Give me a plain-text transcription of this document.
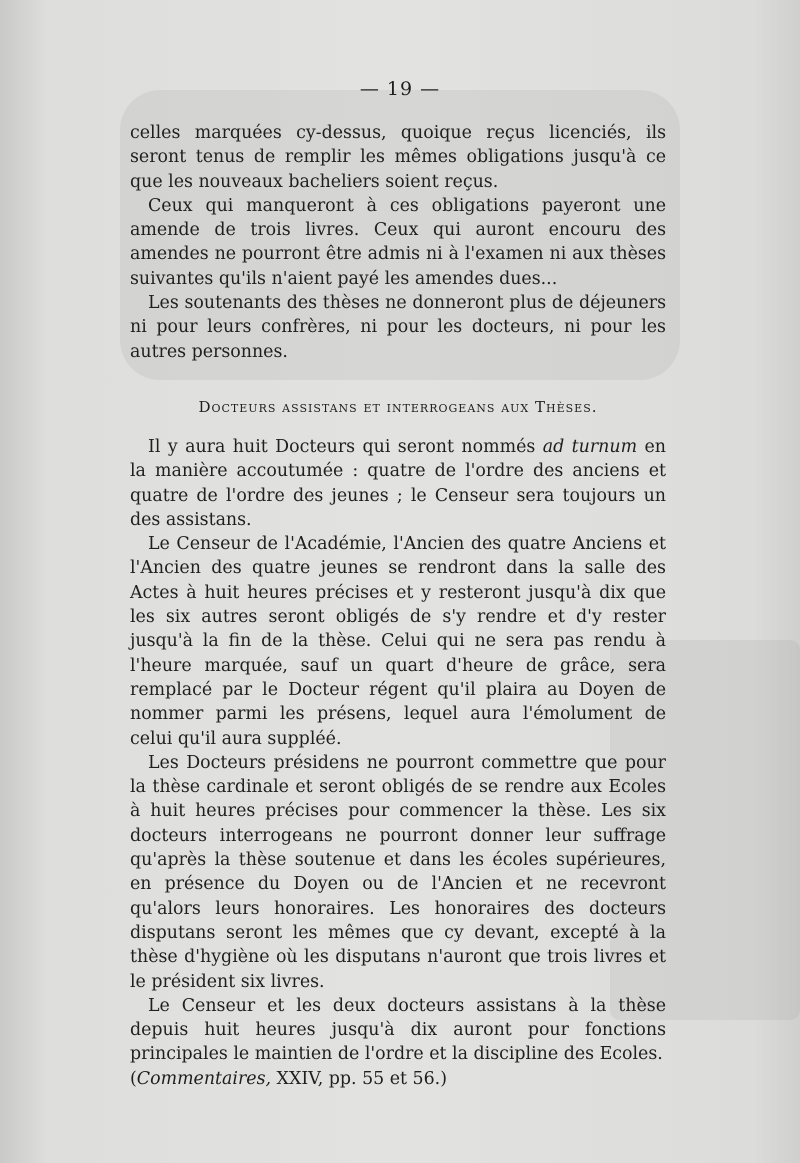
— 19 —

celles marquées cy-dessus, quoique reçus licenciés, ils seront tenus de remplir les mêmes obligations jusqu'à ce que les nouveaux bacheliers soient reçus.

Ceux qui manqueront à ces obligations payeront une amende de trois livres. Ceux qui auront encouru des amendes ne pourront être admis ni à l'examen ni aux thèses suivantes qu'ils n'aient payé les amendes dues...

Les soutenants des thèses ne donneront plus de déjeuners ni pour leurs confrères, ni pour les docteurs, ni pour les autres personnes.

Docteurs assistans et interrogeans aux Thèses.

Il y aura huit Docteurs qui seront nommés ad turnum en la manière accoutumée : quatre de l'ordre des anciens et quatre de l'ordre des jeunes ; le Censeur sera toujours un des assistans.

Le Censeur de l'Académie, l'Ancien des quatre Anciens et l'Ancien des quatre jeunes se rendront dans la salle des Actes à huit heures précises et y resteront jusqu'à dix que les six autres seront obligés de s'y rendre et d'y rester jusqu'à la fin de la thèse. Celui qui ne sera pas rendu à l'heure marquée, sauf un quart d'heure de grâce, sera remplacé par le Docteur régent qu'il plaira au Doyen de nommer parmi les présens, lequel aura l'émolument de celui qu'il aura suppléé.

Les Docteurs présidens ne pourront commettre que pour la thèse cardinale et seront obligés de se rendre aux Ecoles à huit heures précises pour commencer la thèse. Les six docteurs interrogeans ne pourront donner leur suffrage qu'après la thèse soutenue et dans les écoles supérieures, en présence du Doyen ou de l'Ancien et ne recevront qu'alors leurs honoraires. Les honoraires des docteurs disputans seront les mêmes que cy devant, excepté à la thèse d'hygiène où les disputans n'auront que trois livres et le président six livres.

Le Censeur et les deux docteurs assistans à la thèse depuis huit heures jusqu'à dix auront pour fonctions principales le maintien de l'ordre et la discipline des Ecoles.

(Commentaires, XXIV, pp. 55 et 56.)
